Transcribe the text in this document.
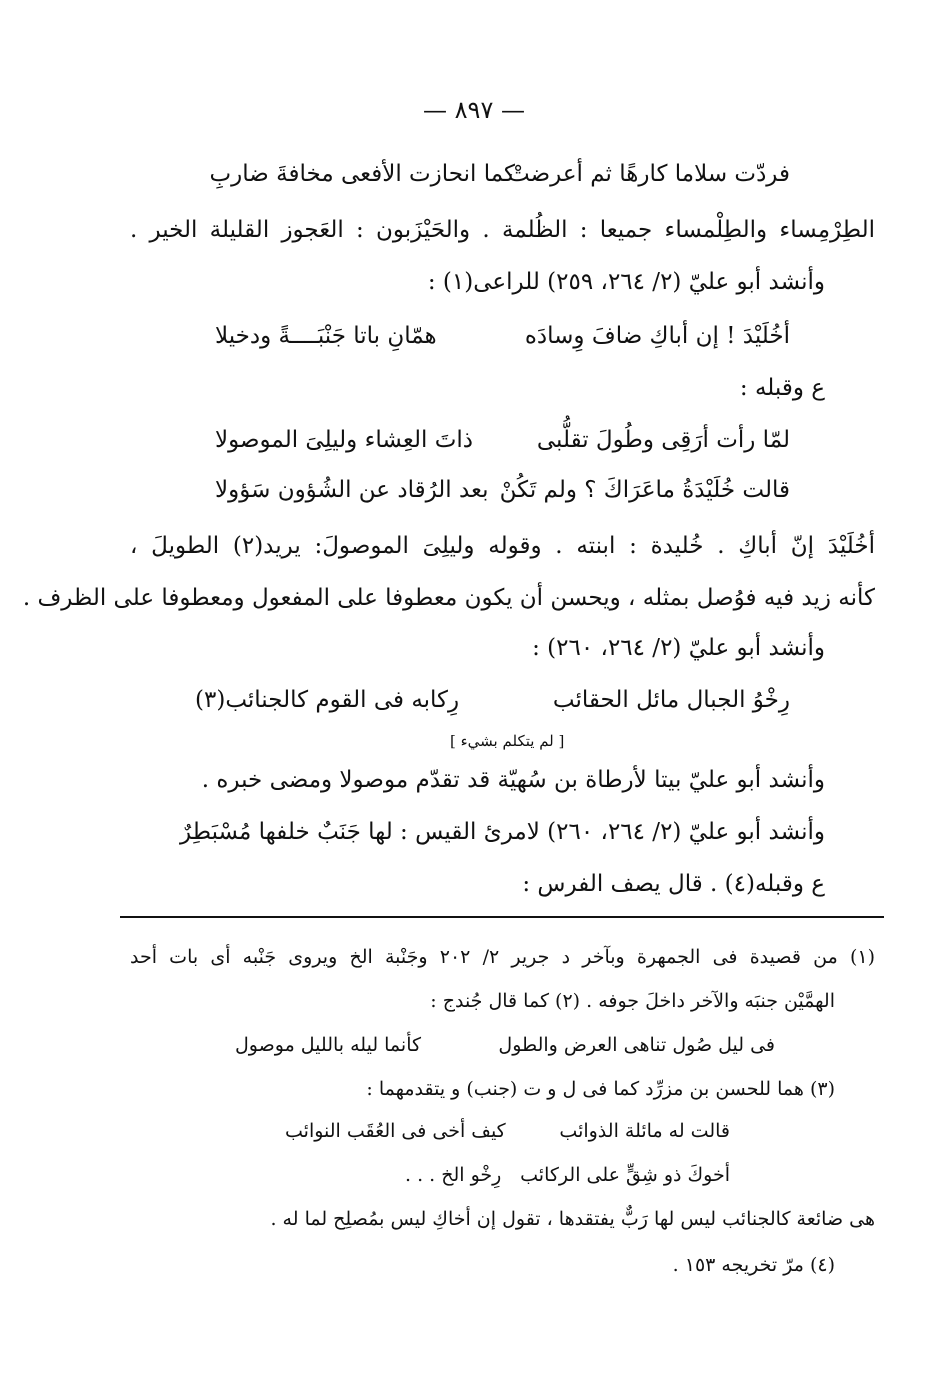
— ٨٩٧ —
فردّت سلاما كارهًا ثم أعرضتْ
كما انحازت الأفعى مخافةَ ضاربِ
الطِرْمِساء والطِلْمساء جميعا : الظُلمة . والحَيْزَبون : العَجوز القليلة الخير .
وأنشد أبو عليّ (٢/ ٢٦٤، ٢٥٩) للراعى(١) :
أخُلَيْدَ ! إن أباكِ ضافَ وِسادَه
همّانِ باتا جَنْبَــــةً ودخيلا
ع وقبله :
لمّا رأت أرَقِى وطُولَ تقلُّبى
ذاتَ العِشاء وليلِىَ الموصولا
قالت خُلَيْدَةُ ماعَرَاكَ ؟ ولم تَكُنْ
بعد الرُقاد عن الشُؤون سَؤولا
أخُلَيْدَ إنّ أباكِ . خُليدة : ابنته . وقوله وليلِىَ الموصولَ: يريد(٢) الطويلَ ،
كأنه زيد فيه فوُصل بمثله ، ويحسن أن يكون معطوفا على المفعول ومعطوفا على الظرف .
وأنشد أبو عليّ (٢/ ٢٦٤، ٢٦٠) :
رِخْوُ الجبال مائل الحقائب
رِكابه فى القوم كالجنائب(٣)
[ لم يتكلم بشيء ]
وأنشد أبو عليّ بيتا لأرطاة بن سُهيّة قد تقدّم موصولا ومضى خبره .
وأنشد أبو عليّ (٢/ ٢٦٤، ٢٦٠) لامرئ القيس : لها جَنَبٌ خلفها مُسْبَطِرٌ
ع وقبله(٤) . قال يصف الفرس :
(١) من قصيدة فى الجمهرة وبآخر د جرير ٢/ ٢٠٢ وجَنْبة الخ ويروى جَنْبه أى بات أحد
الهمَّيْن جنبَه والآخر داخلَ جوفه . (٢) كما قال جُندج :
فى ليل صُول تناهى العرض والطول
كأنما ليله بالليل موصول
(٣) هما للحسن بن مزرِّد كما فى ل و ت (جنب) و يتقدمهما :
قالت له مائلة الذوائب
كيف أخى فى العُقَب النوائب
أخوكَ ذو شِقٍّ على الركائب
رِخْو الخ . . .
هى ضائعة كالجنائب ليس لها رَبٌّ يفتقدها ، تقول إن أخاكِ ليس بمُصلِح لما له .
(٤) مرّ تخريجه ١٥٣ .
